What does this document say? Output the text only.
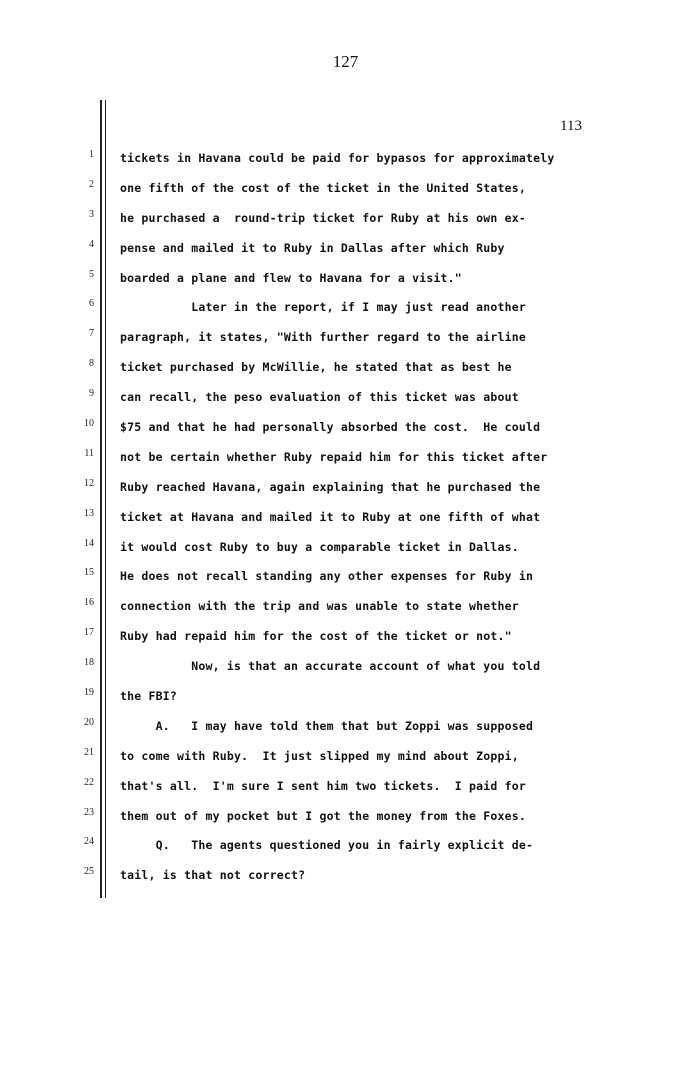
127
113
1
2
3
4
5
6
7
8
9
10
11
12
13
14
15
16
17
18
19
20
21
22
23
24
25
tickets in Havana could be paid for bypasos for approximately
one fifth of the cost of the ticket in the United States,
he purchased a  round-trip ticket for Ruby at his own ex-
pense and mailed it to Ruby in Dallas after which Ruby
boarded a plane and flew to Havana for a visit."
Later in the report, if I may just read another
paragraph, it states, "With further regard to the airline
ticket purchased by McWillie, he stated that as best he
can recall, the peso evaluation of this ticket was about
$75 and that he had personally absorbed the cost.  He could
not be certain whether Ruby repaid him for this ticket after
Ruby reached Havana, again explaining that he purchased the
ticket at Havana and mailed it to Ruby at one fifth of what
it would cost Ruby to buy a comparable ticket in Dallas.
He does not recall standing any other expenses for Ruby in
connection with the trip and was unable to state whether
Ruby had repaid him for the cost of the ticket or not."
Now, is that an accurate account of what you told
the FBI?
A.   I may have told them that but Zoppi was supposed
to come with Ruby.  It just slipped my mind about Zoppi,
that's all.  I'm sure I sent him two tickets.  I paid for
them out of my pocket but I got the money from the Foxes.
Q.   The agents questioned you in fairly explicit de-
tail, is that not correct?
